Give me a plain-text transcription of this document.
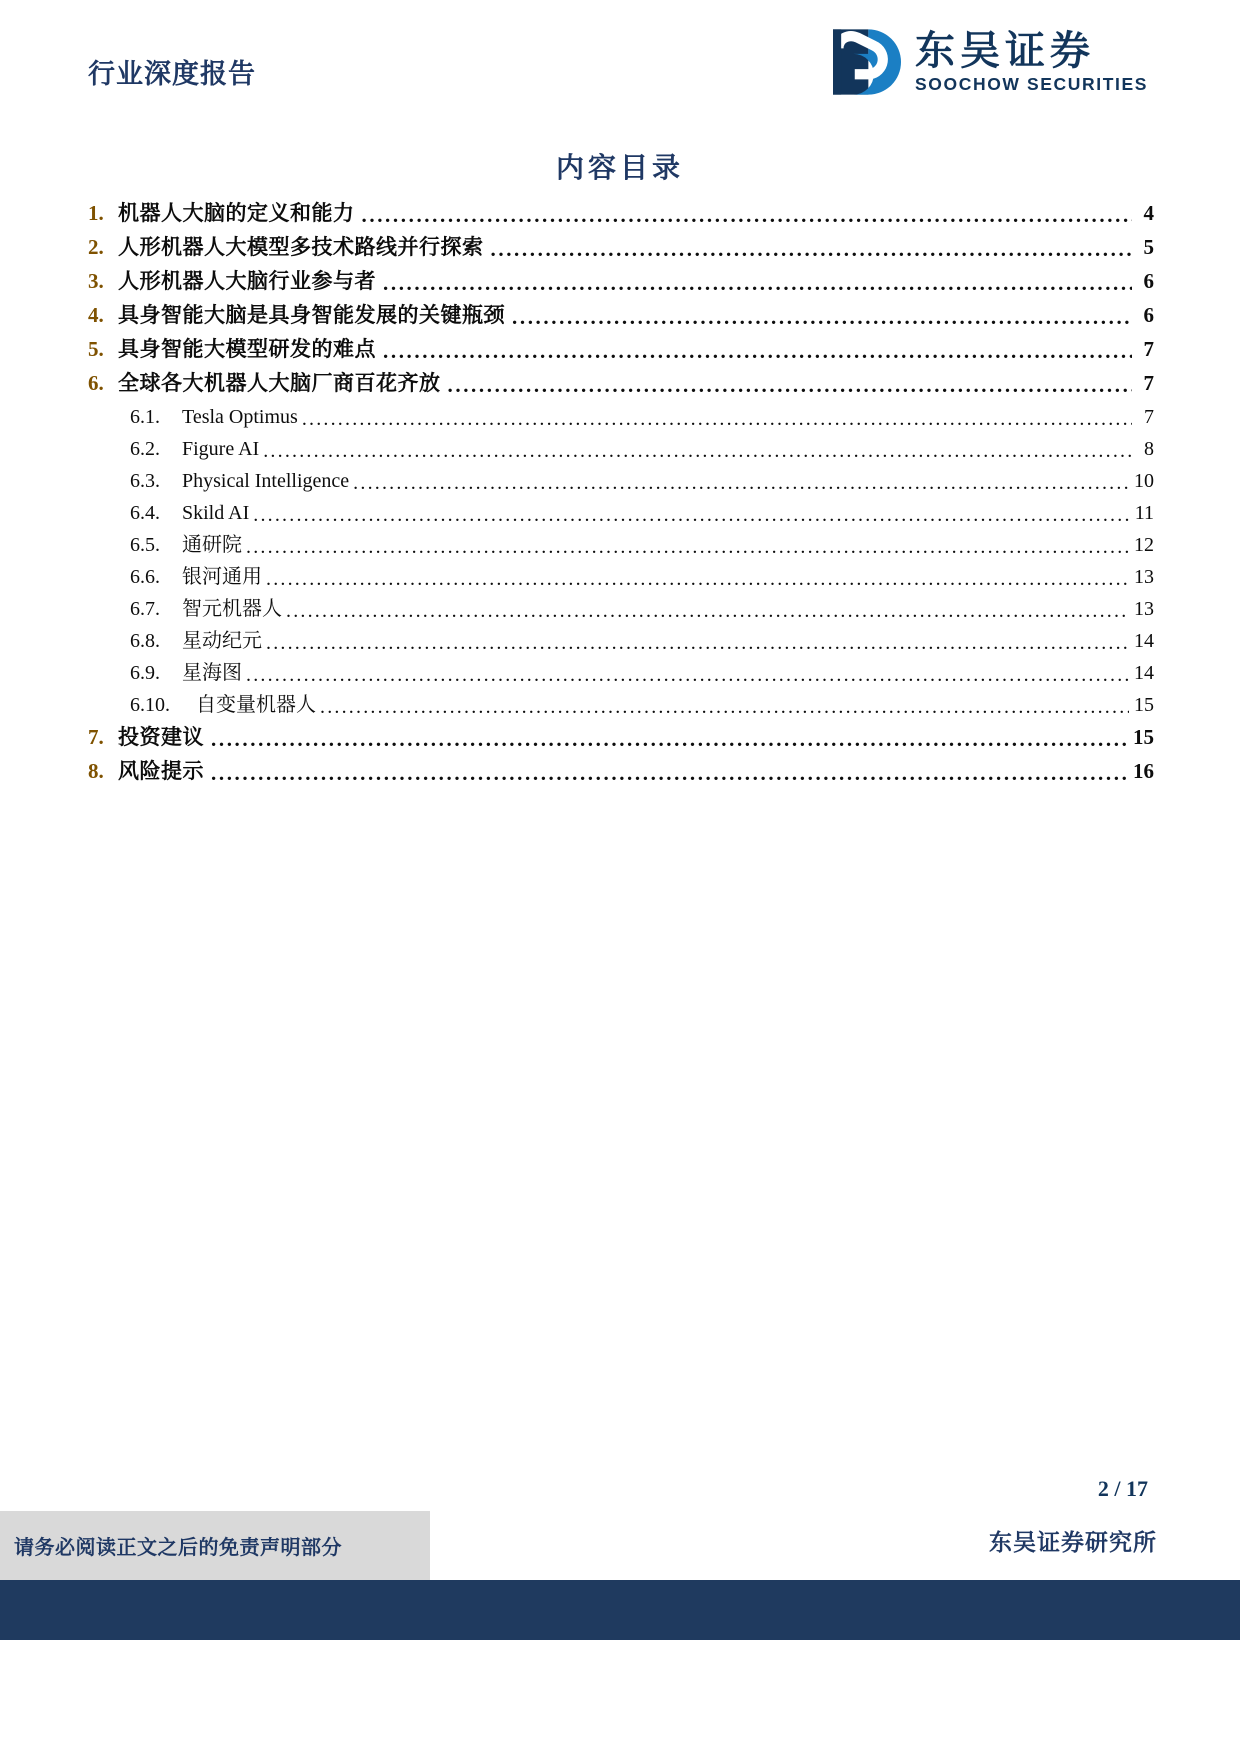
行业深度报告
东吴证券
SOOCHOW SECURITIES
内容目录
1. 机器人大脑的定义和能力 .....	4
2. 人形机器人大模型多技术路线并行探索 .....	5
3. 人形机器人大脑行业参与者 .....	6
4. 具身智能大脑是具身智能发展的关键瓶颈 .....	6
5. 具身智能大模型研发的难点 .....	7
6. 全球各大机器人大脑厂商百花齐放 .....	7
6.1.	Tesla Optimus .....	7
6.2.	Figure AI .....	8
6.3.	Physical Intelligence .....	10
6.4.	Skild AI .....	11
6.5.	通研院 .....	12
6.6.	银河通用 .....	13
6.7.	智元机器人 .....	13
6.8.	星动纪元 .....	14
6.9.	星海图 .....	14
6.10.	自变量机器人 .....	15
7. 投资建议 .....	15
8. 风险提示 .....	16
2 / 17
东吴证券研究所
请务必阅读正文之后的免责声明部分
